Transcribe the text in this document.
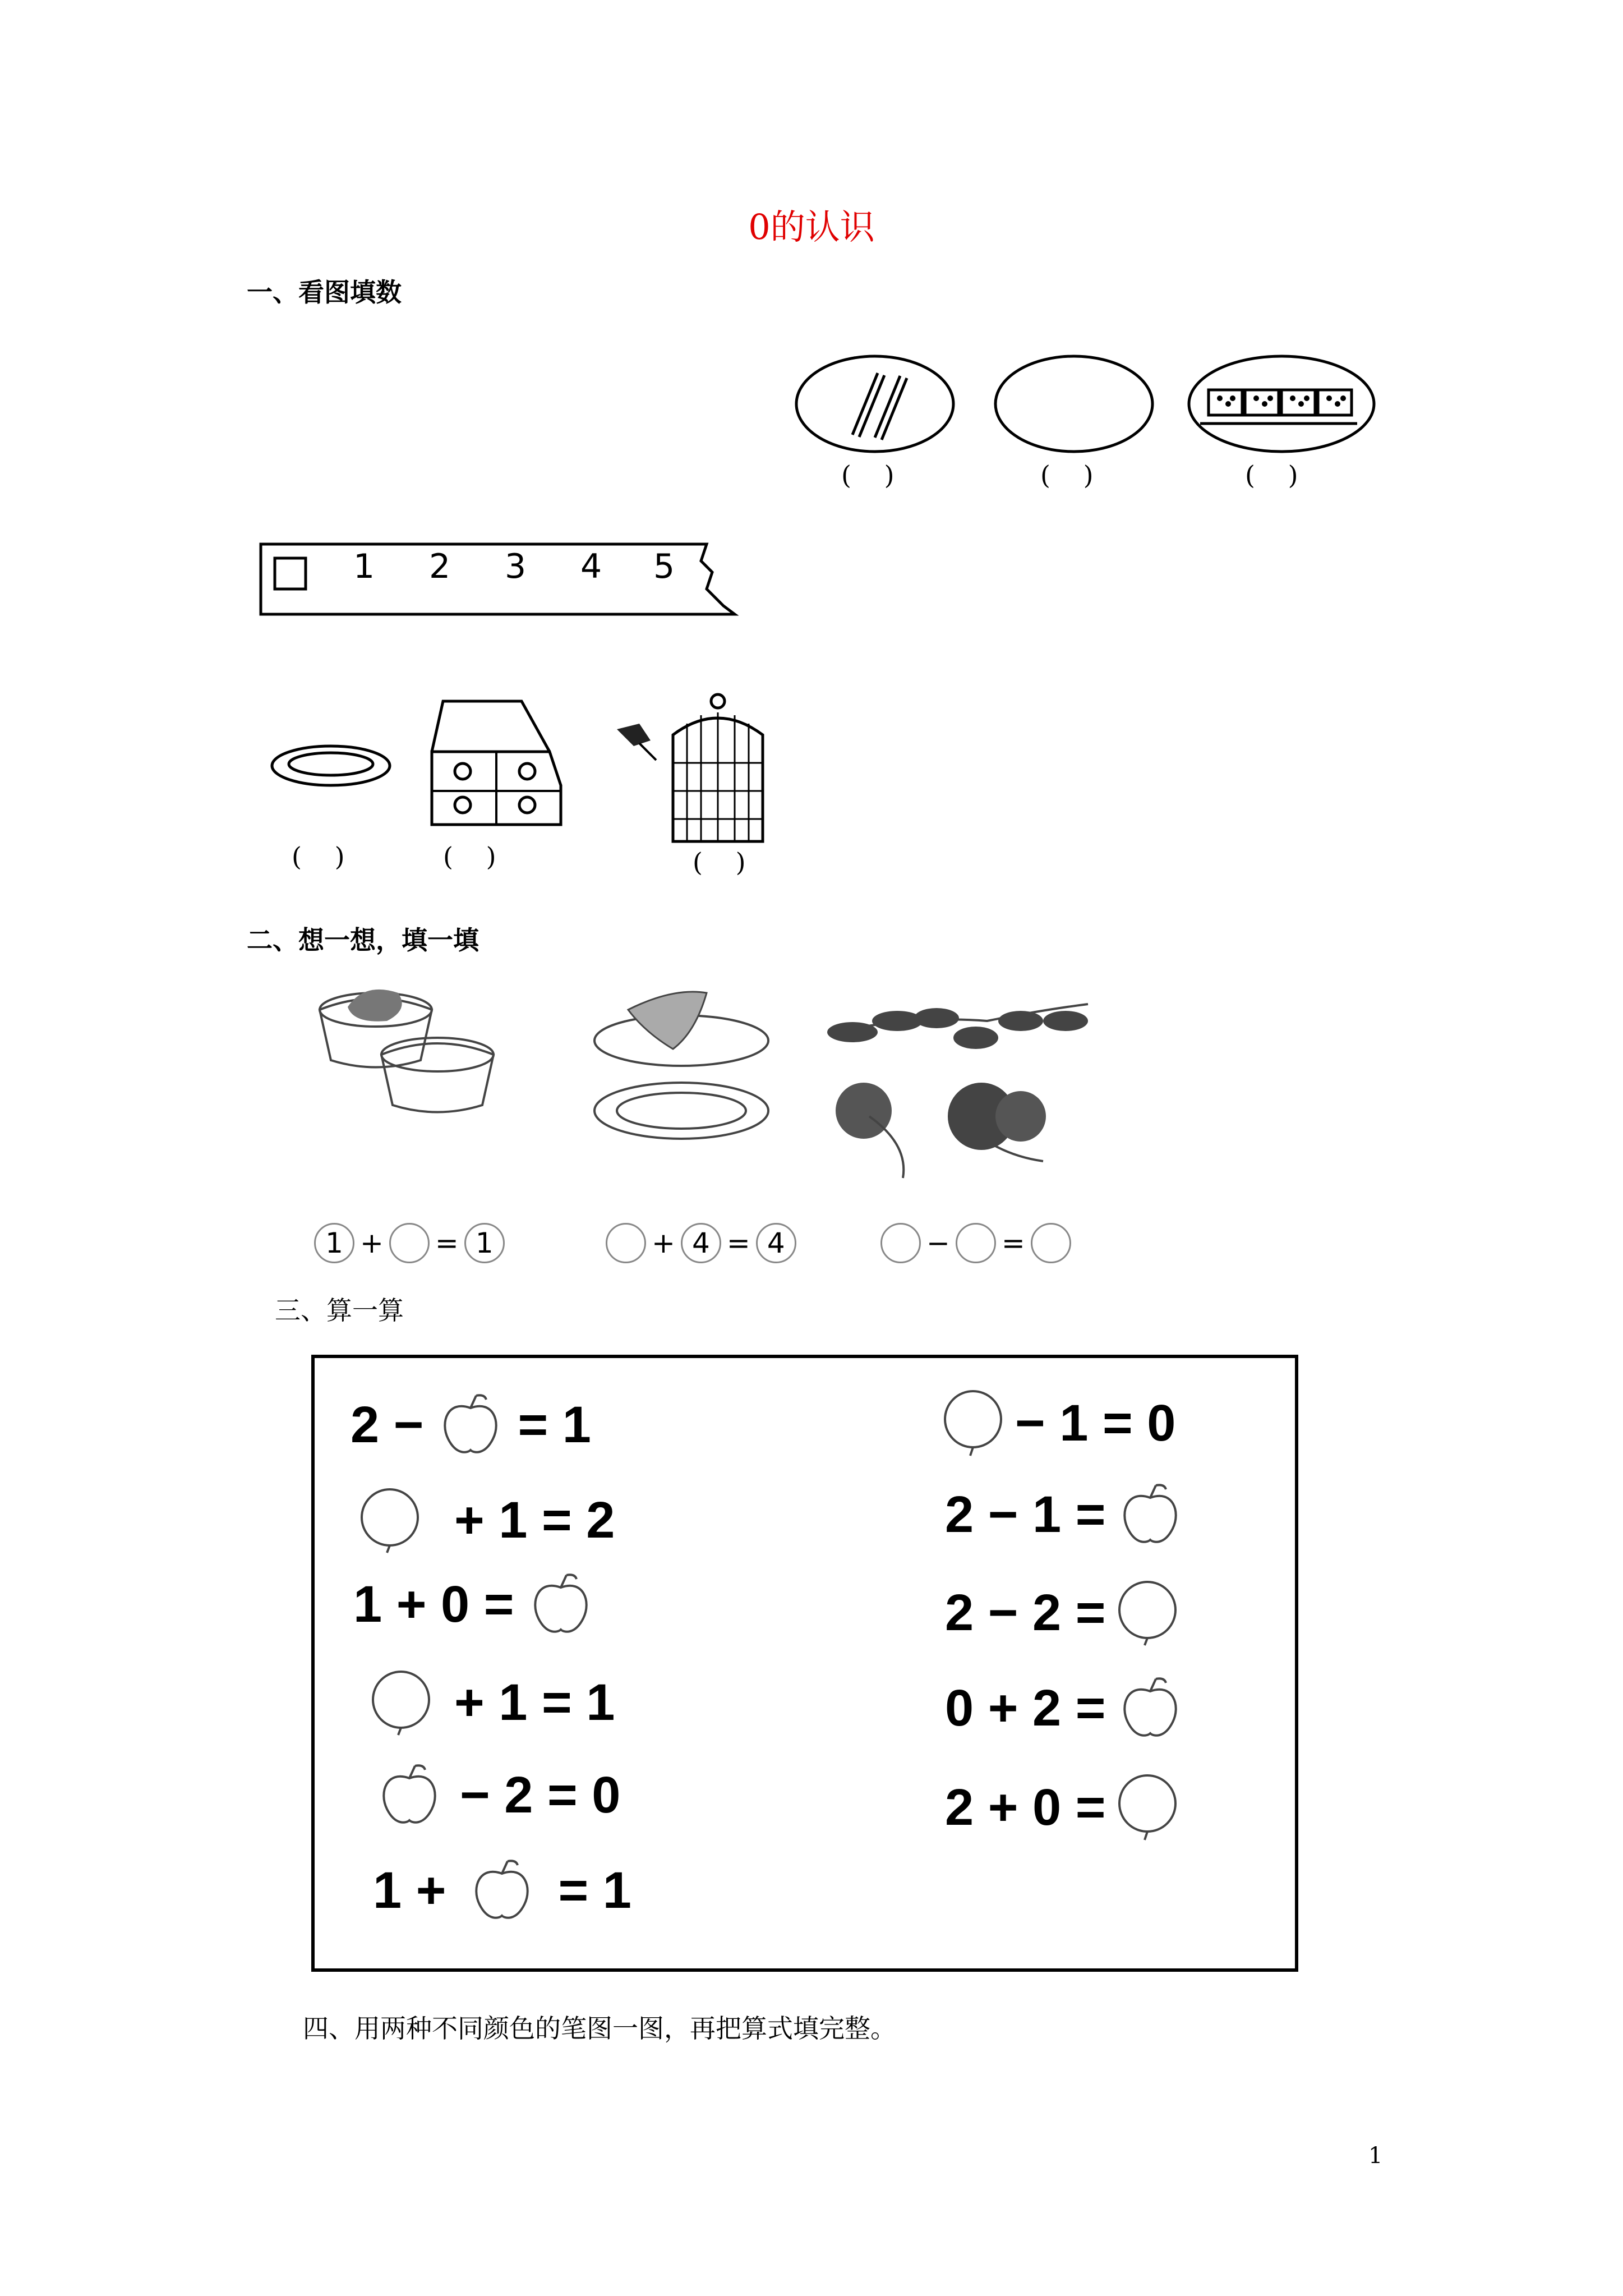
0的认识
一、看图填数
( )	( )	( )
1 2 3 4 5
( )	( )	( )
二、想一想，填一填
1 + = 1	+ 4 = 4	− =
三、算一算
2 − = 1
+ 1 = 2
1 + 0 =
+ 1 = 1
− 2 = 0
1 + = 1
− 1 = 0
2 − 1 =
2 − 2 =
0 + 2 =
2 + 0 =
四、用两种不同颜色的笔图一图，再把算式填完整。
1
